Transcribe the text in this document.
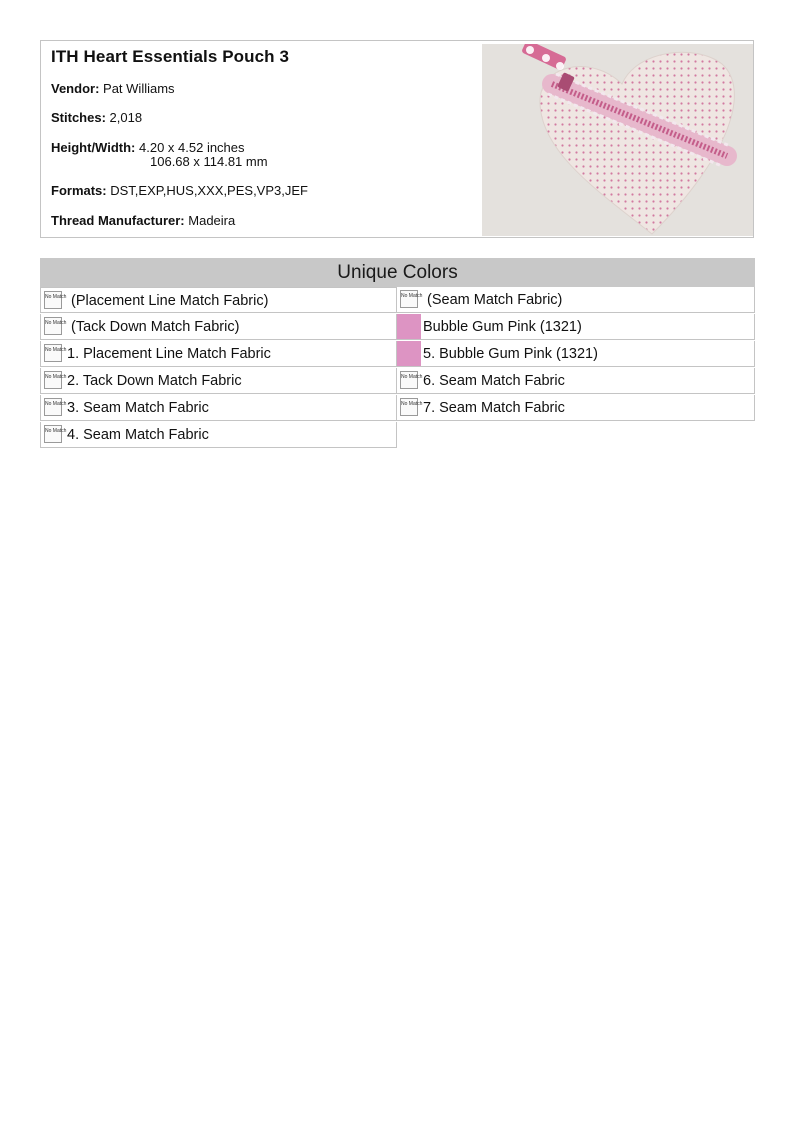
ITH Heart Essentials Pouch 3
Vendor: Pat Williams
Stitches: 2,018
Height/Width: 4.20 x 4.52 inches
106.68 x 114.81 mm
Formats: DST,EXP,HUS,XXX,PES,VP3,JEF
Thread Manufacturer: Madeira
Unique Colors
No Match (Placement Line Match Fabric)
No Match (Tack Down Match Fabric)
No Match 1. Placement Line Match Fabric
No Match 2. Tack Down Match Fabric
No Match 3. Seam Match Fabric
No Match 4. Seam Match Fabric
No Match (Seam Match Fabric)
Bubble Gum Pink (1321)
5. Bubble Gum Pink (1321)
No Match 6. Seam Match Fabric
No Match 7. Seam Match Fabric
